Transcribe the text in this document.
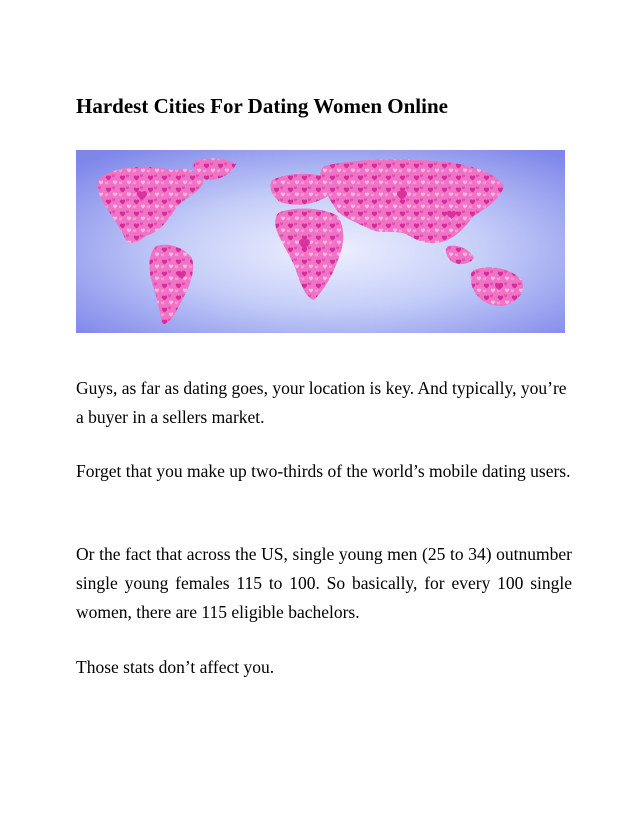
Hardest Cities For Dating Women Online

Guys, as far as dating goes, your location is key. And typically, you’re a buyer in a sellers market.

Forget that you make up two-thirds of the world’s mobile dating users.

Or the fact that across the US, single young men (25 to 34) outnumber single young females 115 to 100. So basically, for every 100 single women, there are 115 eligible bachelors.

Those stats don’t affect you.
